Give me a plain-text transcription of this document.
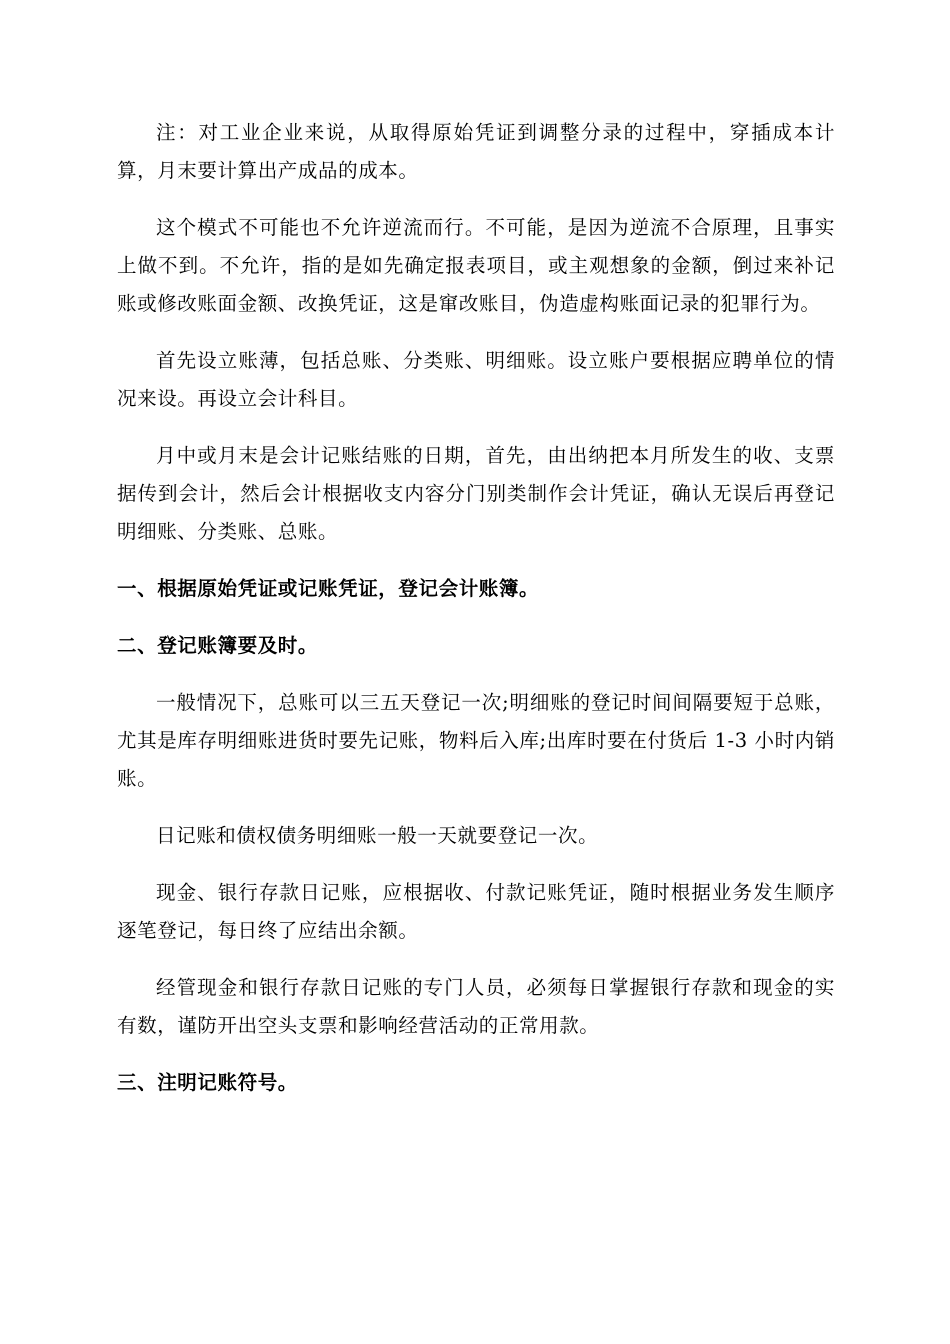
注：对工业企业来说，从取得原始凭证到调整分录的过程中，穿插成本计算，月末要计算出产成品的成本。

这个模式不可能也不允许逆流而行。不可能，是因为逆流不合原理，且事实上做不到。不允许，指的是如先确定报表项目，或主观想象的金额，倒过来补记账或修改账面金额、改换凭证，这是窜改账目，伪造虚构账面记录的犯罪行为。

首先设立账薄，包括总账、分类账、明细账。设立账户要根据应聘单位的情况来设。再设立会计科目。

月中或月末是会计记账结账的日期，首先，由出纳把本月所发生的收、支票据传到会计，然后会计根据收支内容分门别类制作会计凭证，确认无误后再登记明细账、分类账、总账。

一、根据原始凭证或记账凭证，登记会计账簿。

二、登记账簿要及时。

一般情况下，总账可以三五天登记一次;明细账的登记时间间隔要短于总账，尤其是库存明细账进货时要先记账，物料后入库;出库时要在付货后 1-3 小时内销账。

日记账和债权债务明细账一般一天就要登记一次。

现金、银行存款日记账，应根据收、付款记账凭证，随时根据业务发生顺序逐笔登记，每日终了应结出余额。

经管现金和银行存款日记账的专门人员，必须每日掌握银行存款和现金的实有数，谨防开出空头支票和影响经营活动的正常用款。

三、注明记账符号。
